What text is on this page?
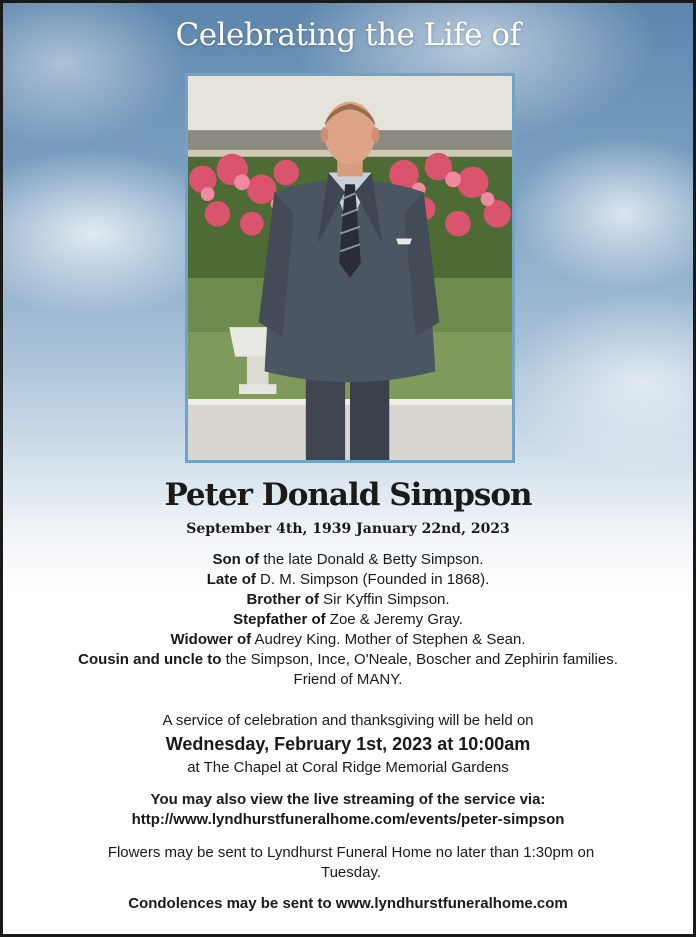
Celebrating the Life of
Peter Donald Simpson
September 4th, 1939 January 22nd, 2023
Son of the late Donald & Betty Simpson.
Late of D. M. Simpson (Founded in 1868).
Brother of Sir Kyffin Simpson.
Stepfather of Zoe & Jeremy Gray.
Widower of Audrey King. Mother of Stephen & Sean.
Cousin and uncle to the Simpson, Ince, O'Neale, Boscher and Zephirin families.
Friend of MANY.
A service of celebration and thanksgiving will be held on
Wednesday, February 1st, 2023 at 10:00am
at The Chapel at Coral Ridge Memorial Gardens
You may also view the live streaming of the service via:
http://www.lyndhurstfuneralhome.com/events/peter-simpson
Flowers may be sent to Lyndhurst Funeral Home no later than 1:30pm on Tuesday.
Condolences may be sent to www.lyndhurstfuneralhome.com
